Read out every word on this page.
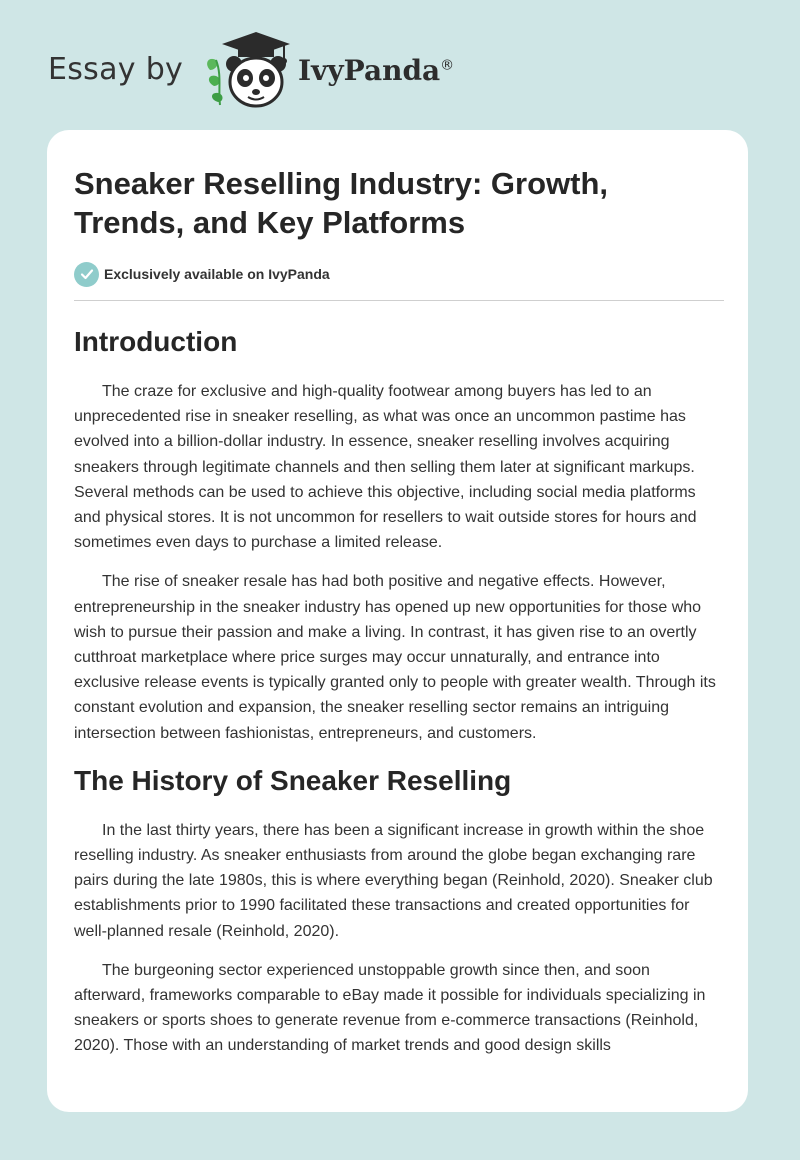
Essay by	IvyPanda®
Sneaker Reselling Industry: Growth, Trends, and Key Platforms
Exclusively available on IvyPanda
Introduction

The craze for exclusive and high-quality footwear among buyers has led to an unprecedented rise in sneaker reselling, as what was once an uncommon pastime has evolved into a billion-dollar industry. In essence, sneaker reselling involves acquiring sneakers through legitimate channels and then selling them later at significant markups. Several methods can be used to achieve this objective, including social media platforms and physical stores. It is not uncommon for resellers to wait outside stores for hours and sometimes even days to purchase a limited release.

The rise of sneaker resale has had both positive and negative effects. However, entrepreneurship in the sneaker industry has opened up new opportunities for those who wish to pursue their passion and make a living. In contrast, it has given rise to an overtly cutthroat marketplace where price surges may occur unnaturally, and entrance into exclusive release events is typically granted only to people with greater wealth. Through its constant evolution and expansion, the sneaker reselling sector remains an intriguing intersection between fashionistas, entrepreneurs, and customers.

The History of Sneaker Reselling

In the last thirty years, there has been a significant increase in growth within the shoe reselling industry. As sneaker enthusiasts from around the globe began exchanging rare pairs during the late 1980s, this is where everything began (Reinhold, 2020). Sneaker club establishments prior to 1990 facilitated these transactions and created opportunities for well-planned resale (Reinhold, 2020).

The burgeoning sector experienced unstoppable growth since then, and soon afterward, frameworks comparable to eBay made it possible for individuals specializing in sneakers or sports shoes to generate revenue from e-commerce transactions (Reinhold, 2020). Those with an understanding of market trends and good design skills
